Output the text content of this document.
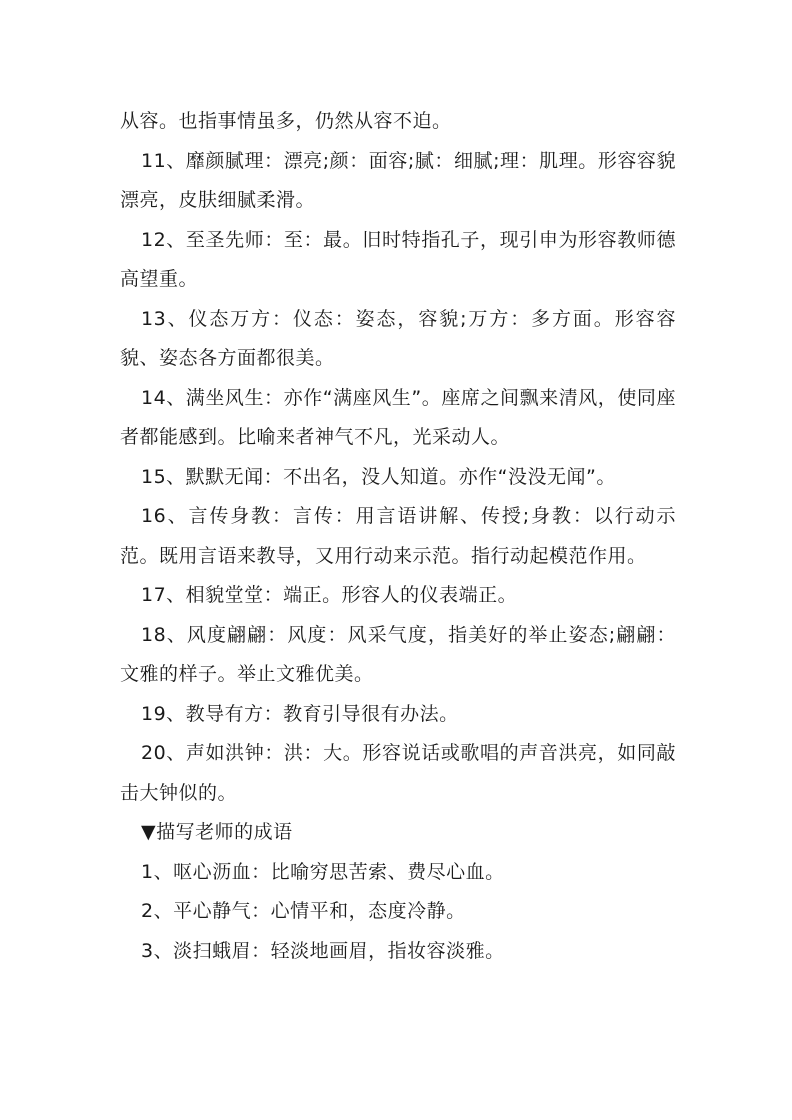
从容。也指事情虽多，仍然从容不迫。

11、靡颜腻理：漂亮;颜：面容;腻：细腻;理：肌理。形容容貌漂亮，皮肤细腻柔滑。

12、至圣先师：至：最。旧时特指孔子，现引申为形容教师德高望重。

13、仪态万方：仪态：姿态，容貌;万方：多方面。形容容貌、姿态各方面都很美。

14、满坐风生：亦作“满座风生”。座席之间飘来清风，使同座者都能感到。比喻来者神气不凡，光采动人。

15、默默无闻：不出名，没人知道。亦作“没没无闻”。

16、言传身教：言传：用言语讲解、传授;身教：以行动示范。既用言语来教导，又用行动来示范。指行动起模范作用。

17、相貌堂堂：端正。形容人的仪表端正。

18、风度翩翩：风度：风采气度，指美好的举止姿态;翩翩：文雅的样子。举止文雅优美。

19、教导有方：教育引导很有办法。

20、声如洪钟：洪：大。形容说话或歌唱的声音洪亮，如同敲击大钟似的。

▼描写老师的成语

1、呕心沥血：比喻穷思苦索、费尽心血。

2、平心静气：心情平和，态度冷静。

3、淡扫蛾眉：轻淡地画眉，指妆容淡雅。
